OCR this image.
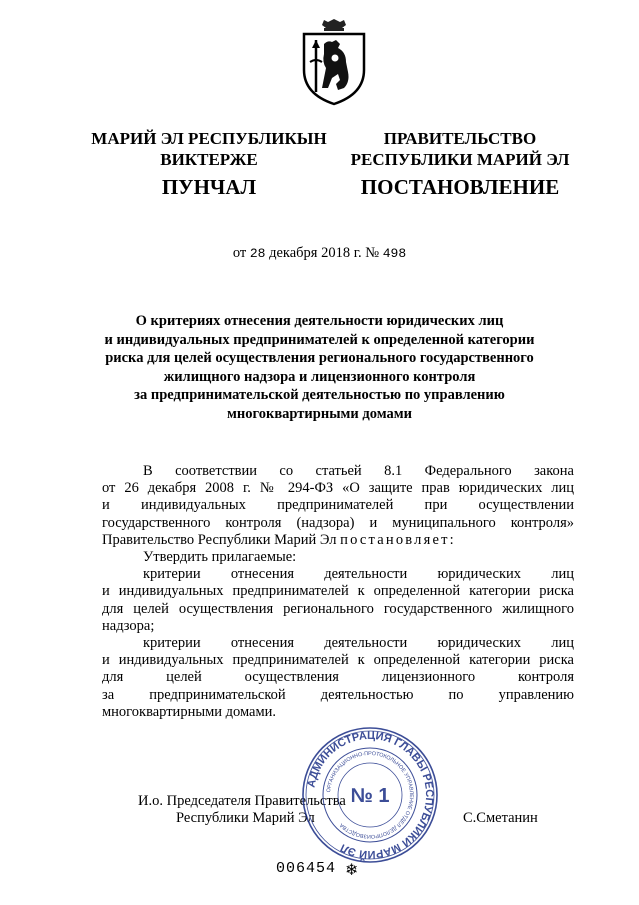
МАРИЙ ЭЛ РЕСПУБЛИКЫН
ВИКТЕРЖЕ
ПРАВИТЕЛЬСТВО
РЕСПУБЛИКИ МАРИЙ ЭЛ
ПУНЧАЛ	ПОСТАНОВЛЕНИЕ
от 28 декабря 2018 г. № 498
О критериях отнесения деятельности юридических лиц
и индивидуальных предпринимателей к определенной категории
риска для целей осуществления регионального государственного
жилищного надзора и лицензионного контроля
за предпринимательской деятельностью по управлению
многоквартирными домами

В соответствии со статьей 8.1 Федерального закона

от 26 декабря 2008 г. № 294-ФЗ «О защите прав юридических лиц

и индивидуальных предпринимателей при осуществлении

государственного контроля (надзора) и муниципального контроля»

Правительство Республики Марий Эл постановляет:

Утвердить прилагаемые:

критерии отнесения деятельности юридических лиц

и индивидуальных предпринимателей к определенной категории риска

для целей осуществления регионального государственного жилищного

надзора;

критерии отнесения деятельности юридических лиц

и индивидуальных предпринимателей к определенной категории риска

для целей осуществления лицензионного контроля

за предпринимательской деятельностью по управлению

многоквартирными домами.

И.о. Председателя Правительства
Республики Марий Эл	С.Сметанин
АДМИНИСТРАЦИЯ ГЛАВЫ РЕСПУБЛИКИ МАРИЙ ЭЛ
ОРГАНИЗАЦИОННО-ПРОТОКОЛЬНОЕ УПРАВЛЕНИЕ ОТДЕЛ ДЕЛОПРОИЗВОДСТВА
№ 1
006454 ❄
